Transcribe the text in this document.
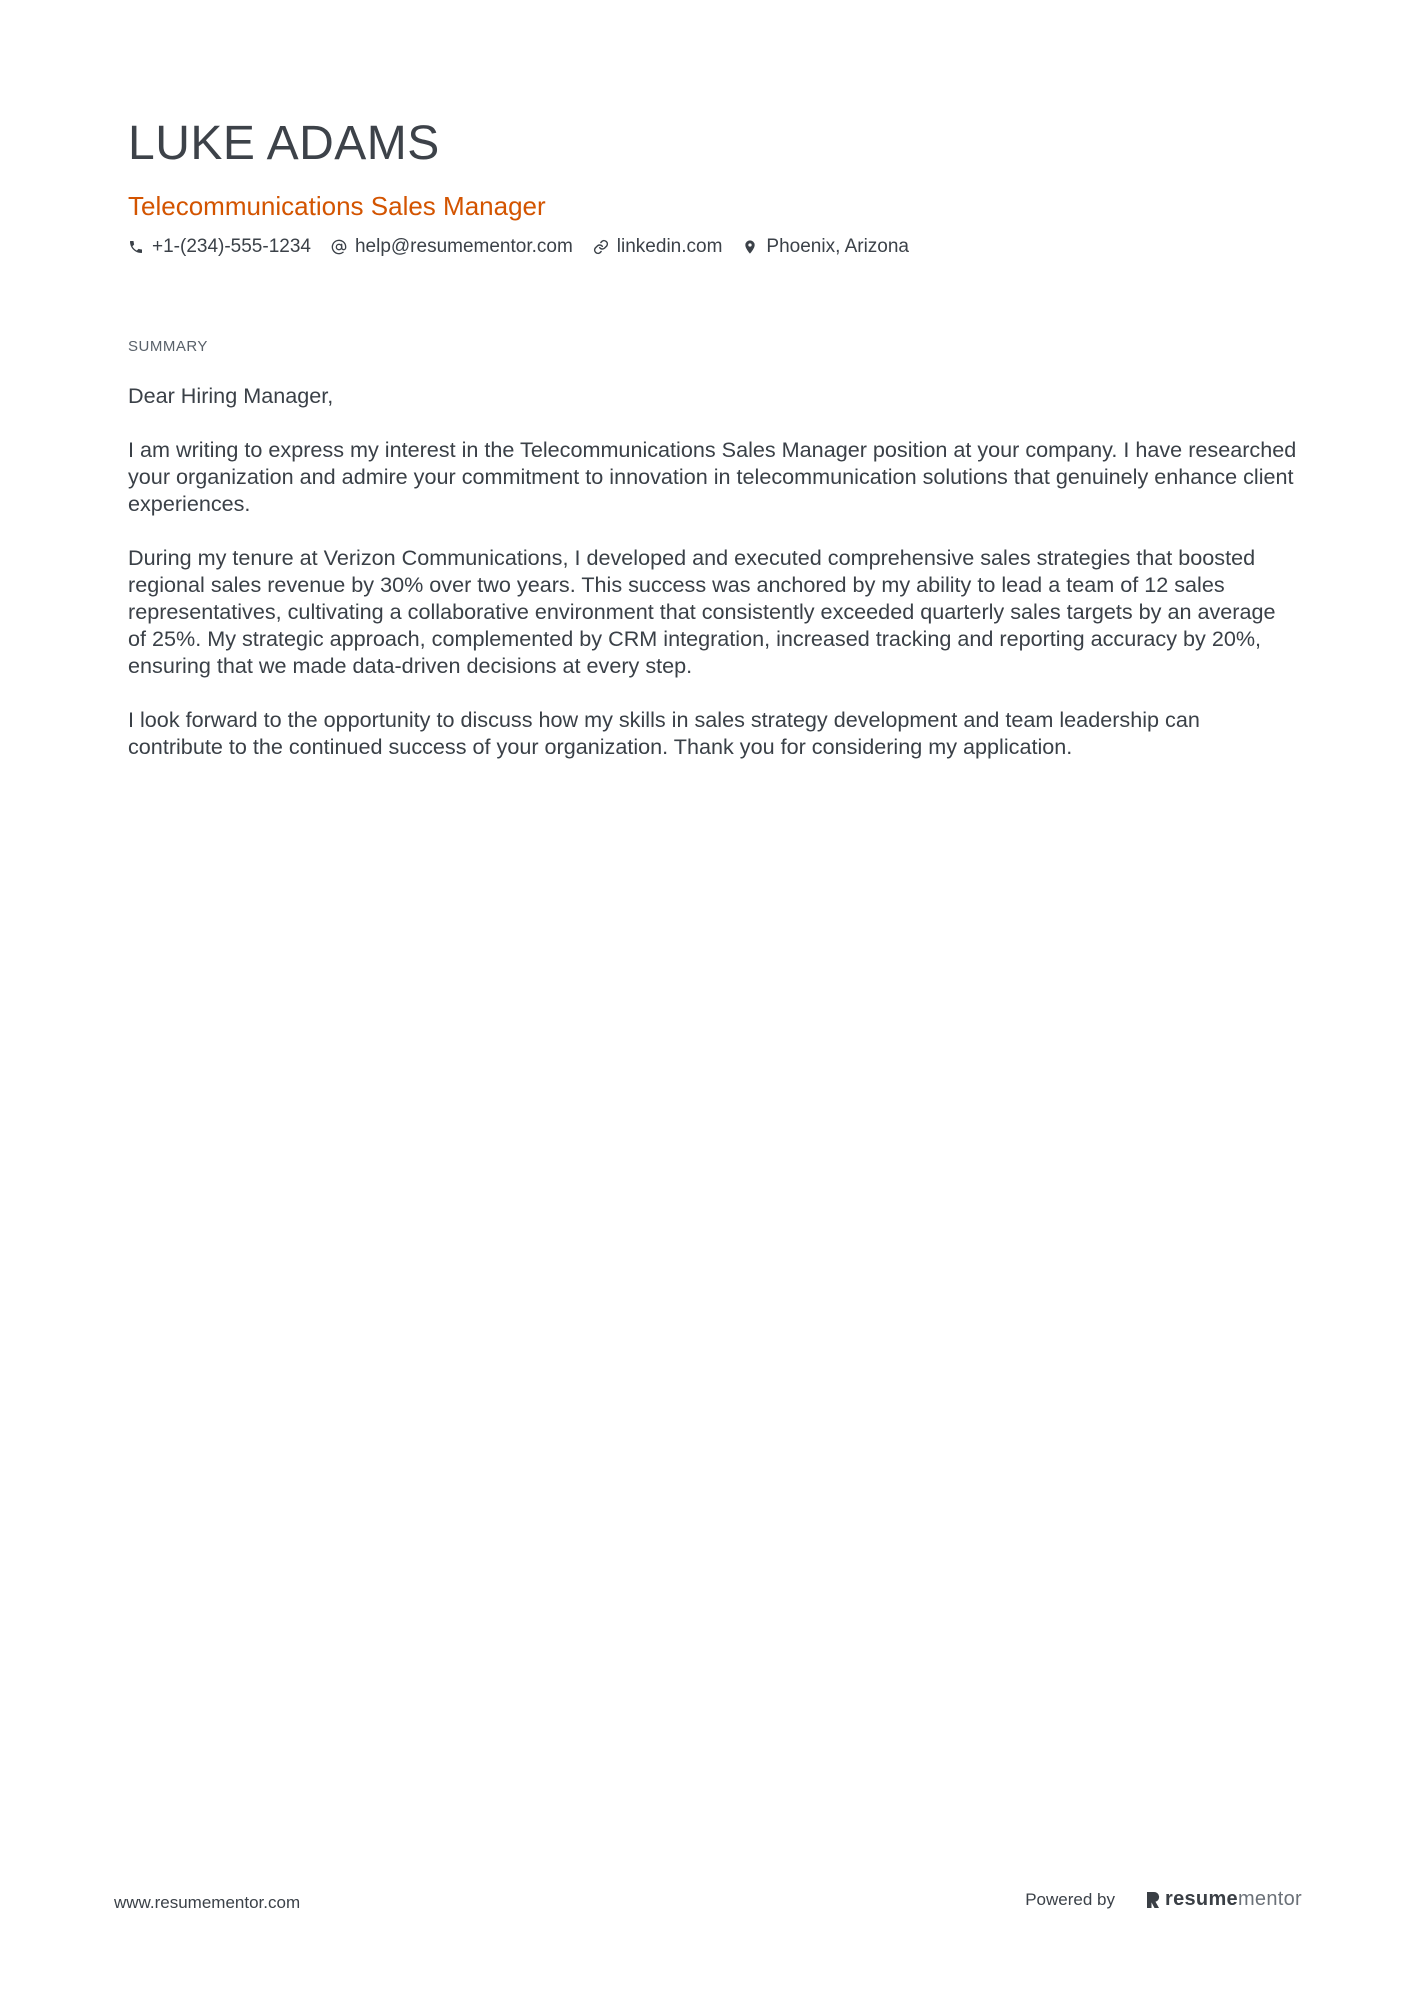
LUKE ADAMS
Telecommunications Sales Manager
+1-(234)-555-1234 help@resumementor.com linkedin.com Phoenix, Arizona
SUMMARY

Dear Hiring Manager,

I am writing to express my interest in the Telecommunications Sales Manager position at your company. I have researched your organization and admire your commitment to innovation in telecommunication solutions that genuinely enhance client experiences.

During my tenure at Verizon Communications, I developed and executed comprehensive sales strategies that boosted regional sales revenue by 30% over two years. This success was anchored by my ability to lead a team of 12 sales representatives, cultivating a collaborative environment that consistently exceeded quarterly sales targets by an average of 25%. My strategic approach, complemented by CRM integration, increased tracking and reporting accuracy by 20%, ensuring that we made data-driven decisions at every step.

I look forward to the opportunity to discuss how my skills in sales strategy development and team leadership can contribute to the continued success of your organization. Thank you for considering my application.

www.resumementor.com	Powered by	resume mentor
